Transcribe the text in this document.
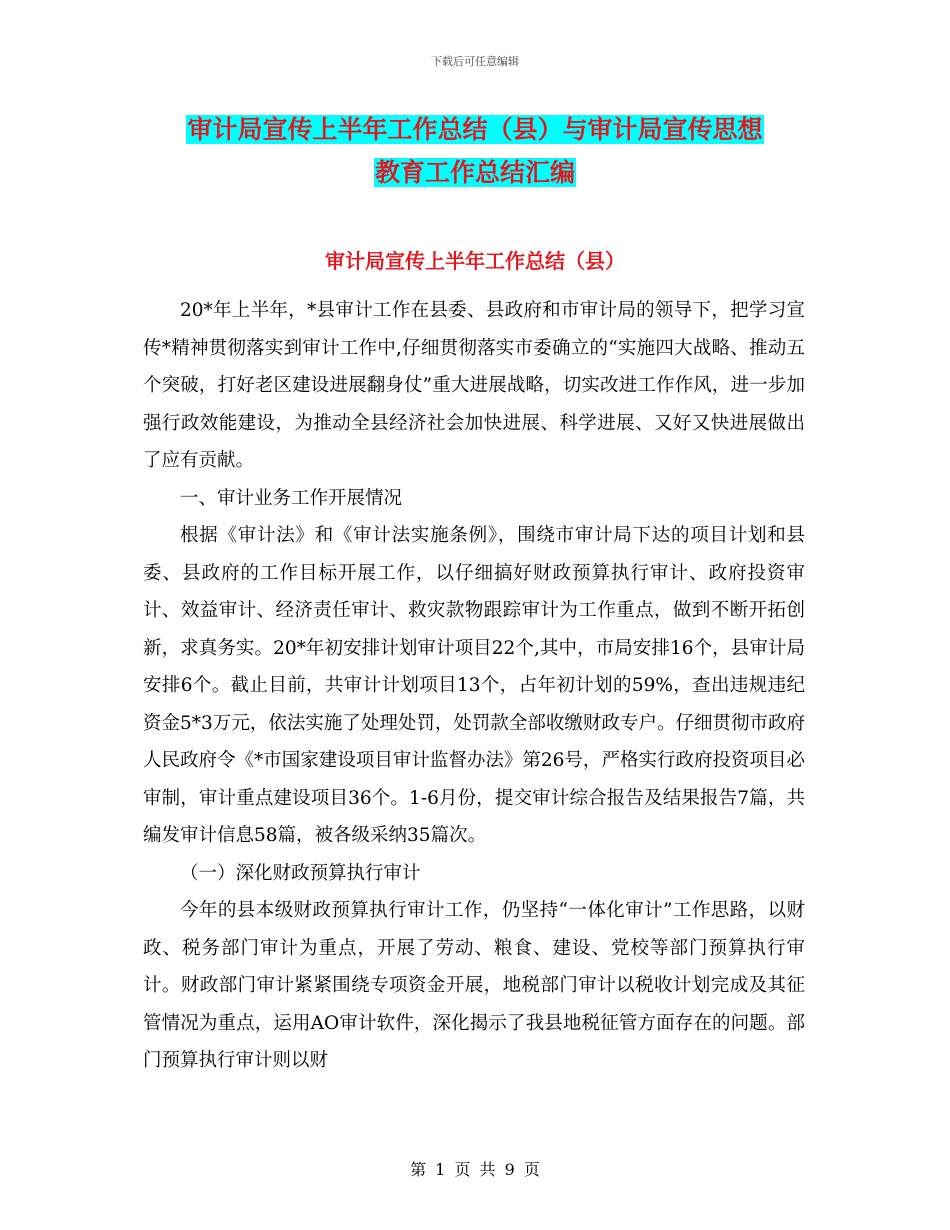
下载后可任意编辑
审计局宣传上半年工作总结（县）与审计局宣传思想
教育工作总结汇编
审计局宣传上半年工作总结（县）

20*年上半年，*县审计工作在县委、县政府和市审计局的领导下，把学习宣传*精神贯彻落实到审计工作中,仔细贯彻落实市委确立的“实施四大战略、推动五个突破，打好老区建设进展翻身仗”重大进展战略，切实改进工作作风，进一步加强行政效能建设，为推动全县经济社会加快进展、科学进展、又好又快进展做出了应有贡献。

一、审计业务工作开展情况

根据《审计法》和《审计法实施条例》，围绕市审计局下达的项目计划和县委、县政府的工作目标开展工作，以仔细搞好财政预算执行审计、政府投资审计、效益审计、经济责任审计、救灾款物跟踪审计为工作重点，做到不断开拓创新，求真务实。20*年初安排计划审计项目22个,其中，市局安排16个，县审计局安排6个。截止目前，共审计计划项目13个，占年初计划的59%，查出违规违纪资金5*3万元，依法实施了处理处罚，处罚款全部收缴财政专户。仔细贯彻市政府人民政府令《*市国家建设项目审计监督办法》第26号，严格实行政府投资项目必审制，审计重点建设项目36个。1-6月份，提交审计综合报告及结果报告7篇，共编发审计信息58篇，被各级采纳35篇次。

（一）深化财政预算执行审计

今年的县本级财政预算执行审计工作，仍坚持“一体化审计”工作思路，以财政、税务部门审计为重点，开展了劳动、粮食、建设、党校等部门预算执行审计。财政部门审计紧紧围绕专项资金开展，地税部门审计以税收计划完成及其征管情况为重点，运用AO审计软件，深化揭示了我县地税征管方面存在的问题。部门预算执行审计则以财

第 1 页 共 9 页
